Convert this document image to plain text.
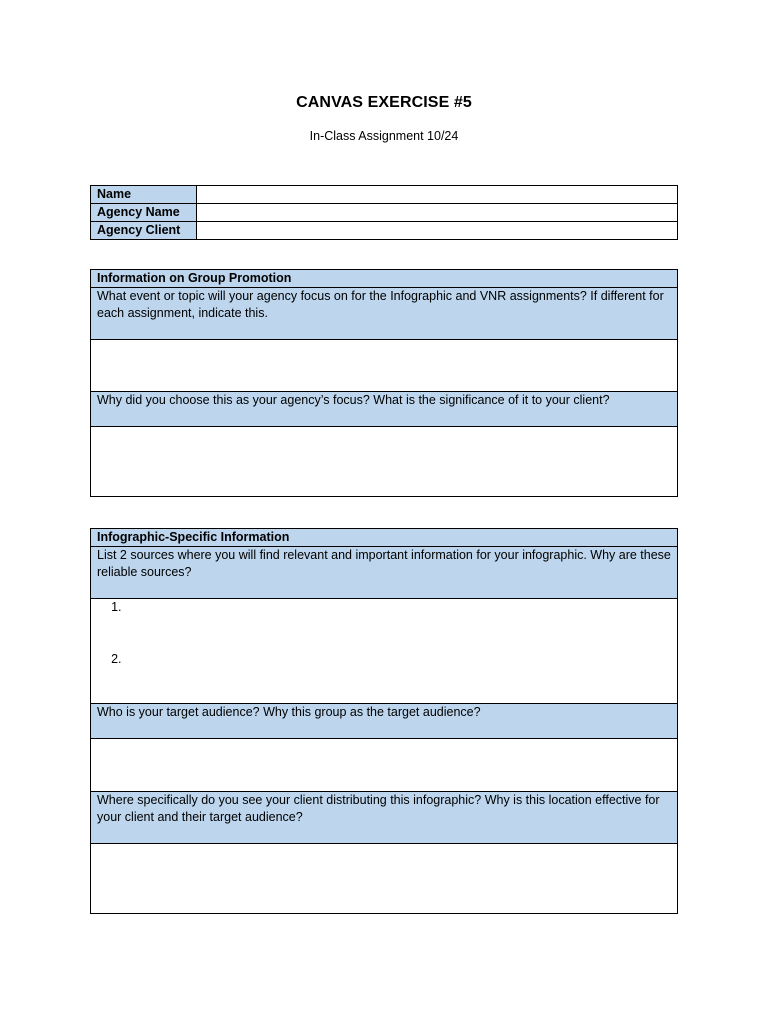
CANVAS EXERCISE #5
In-Class Assignment 10/24
Name	
Agency Name	
Agency Client	
Information on Group Promotion
What event or topic will your agency focus on for the Infographic and VNR assignments? If different for each assignment, indicate this.

Why did you choose this as your agency’s focus? What is the significance of it to your client?

Infographic-Specific Information
List 2 sources where you will find relevant and important information for your infographic. Why are these reliable sources?

1.
2.

Who is your target audience? Why this group as the target audience?

Where specifically do you see your client distributing this infographic? Why is this location effective for your client and their target audience?
